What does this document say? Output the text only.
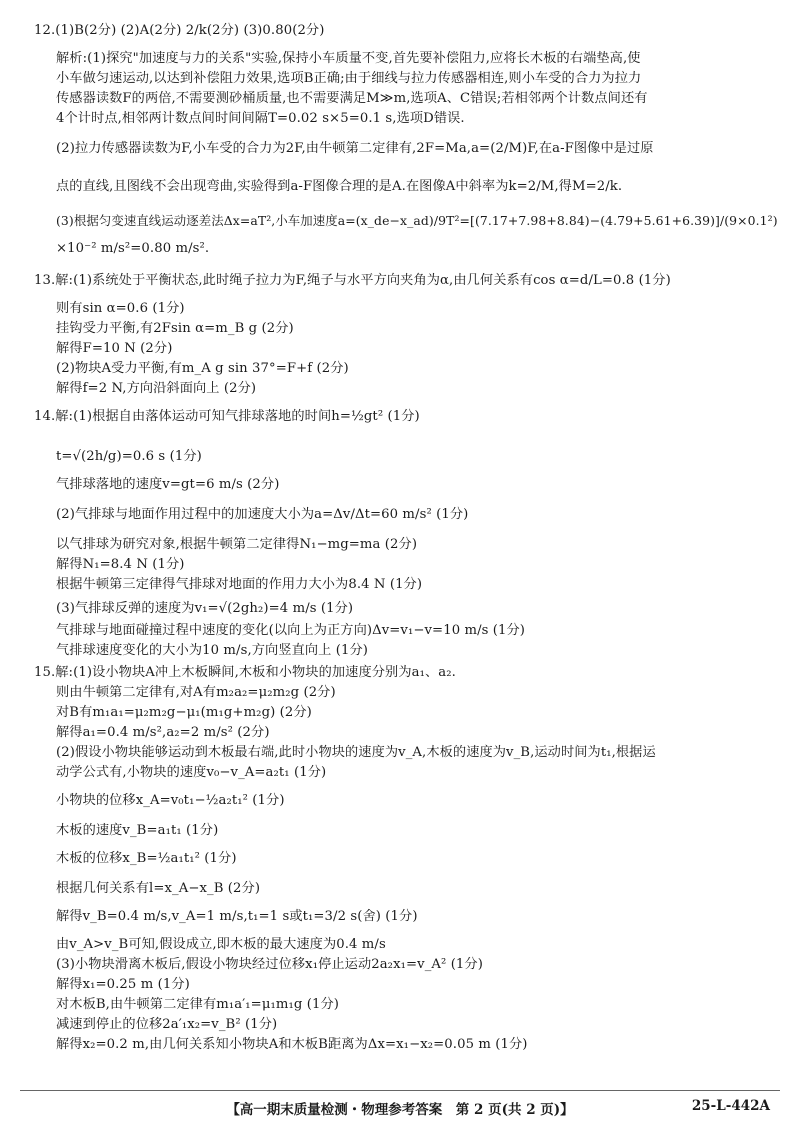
12.(1)B(2分) (2)A(2分) 2/k(2分) (3)0.80(2分)
解析:(1)探究"加速度与力的关系"实验,保持小车质量不变,首先要补偿阻力,应将长木板的右端垫高,使
小车做匀速运动,以达到补偿阻力效果,选项B正确;由于细线与拉力传感器相连,则小车受的合力为拉力
传感器读数F的两倍,不需要测砂桶质量,也不需要满足M≫m,选项A、C错误;若相邻两个计数点间还有
4个计时点,相邻两计数点间时间间隔T=0.02 s×5=0.1 s,选项D错误.
(2)拉力传感器读数为F,小车受的合力为2F,由牛顿第二定律有,2F=Ma,a=(2/M)F,在a-F图像中是过原
点的直线,且图线不会出现弯曲,实验得到a-F图像合理的是A.在图像A中斜率为k=2/M,得M=2/k.
(3)根据匀变速直线运动逐差法Δx=aT²,小车加速度a=(x_de−x_ad)/9T²=[(7.17+7.98+8.84)−(4.79+5.61+6.39)]/(9×0.1²)
×10⁻² m/s²=0.80 m/s².
13.解:(1)系统处于平衡状态,此时绳子拉力为F,绳子与水平方向夹角为α,由几何关系有cos α=d/L=0.8 (1分)
则有sin α=0.6 (1分)
挂钩受力平衡,有2Fsin α=m_B g (2分)
解得F=10 N (2分)
(2)物块A受力平衡,有m_A g sin 37°=F+f (2分)
解得f=2 N,方向沿斜面向上 (2分)
14.解:(1)根据自由落体运动可知气排球落地的时间h=½gt² (1分)
t=√(2h/g)=0.6 s (1分)
气排球落地的速度v=gt=6 m/s (2分)
(2)气排球与地面作用过程中的加速度大小为a=Δv/Δt=60 m/s² (1分)
以气排球为研究对象,根据牛顿第二定律得N₁−mg=ma (2分)
解得N₁=8.4 N (1分)
根据牛顿第三定律得气排球对地面的作用力大小为8.4 N (1分)
(3)气排球反弹的速度为v₁=√(2gh₂)=4 m/s (1分)
气排球与地面碰撞过程中速度的变化(以向上为正方向)Δv=v₁−v=10 m/s (1分)
气排球速度变化的大小为10 m/s,方向竖直向上 (1分)
15.解:(1)设小物块A冲上木板瞬间,木板和小物块的加速度分别为a₁、a₂.
则由牛顿第二定律有,对A有m₂a₂=μ₂m₂g (2分)
对B有m₁a₁=μ₂m₂g−μ₁(m₁g+m₂g) (2分)
解得a₁=0.4 m/s²,a₂=2 m/s² (2分)
(2)假设小物块能够运动到木板最右端,此时小物块的速度为v_A,木板的速度为v_B,运动时间为t₁,根据运
动学公式有,小物块的速度v₀−v_A=a₂t₁ (1分)
小物块的位移x_A=v₀t₁−½a₂t₁² (1分)
木板的速度v_B=a₁t₁ (1分)
木板的位移x_B=½a₁t₁² (1分)
根据几何关系有l=x_A−x_B (2分)
解得v_B=0.4 m/s,v_A=1 m/s,t₁=1 s或t₁=3/2 s(舍) (1分)
由v_A>v_B可知,假设成立,即木板的最大速度为0.4 m/s
(3)小物块滑离木板后,假设小物块经过位移x₁停止运动2a₂x₁=v_A² (1分)
解得x₁=0.25 m (1分)
对木板B,由牛顿第二定律有m₁a′₁=μ₁m₁g (1分)
减速到停止的位移2a′₁x₂=v_B² (1分)
解得x₂=0.2 m,由几何关系知小物块A和木板B距离为Δx=x₁−x₂=0.05 m (1分)
【高一期末质量检测・物理参考答案　第 2 页(共 2 页)】	25-L-442A
